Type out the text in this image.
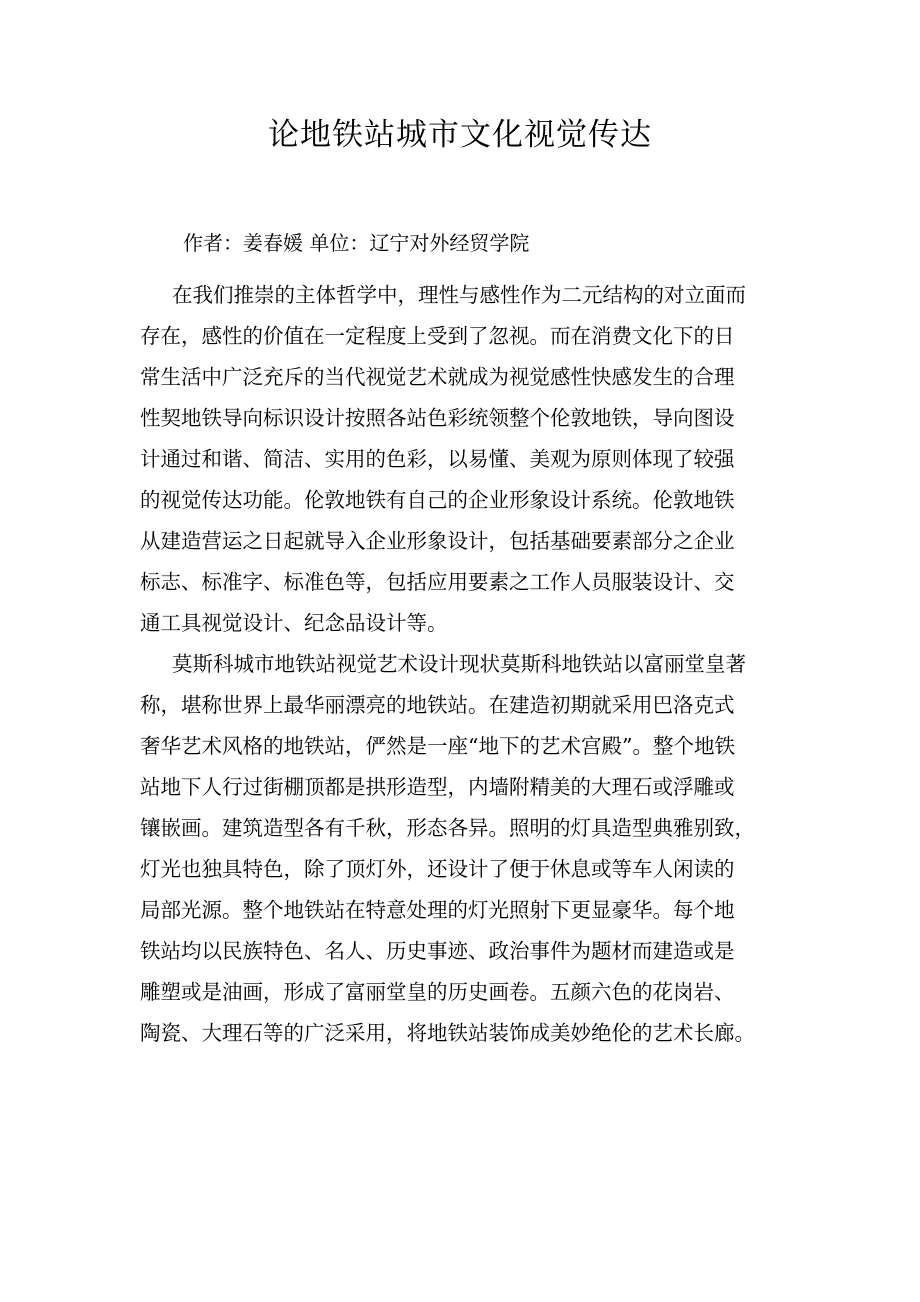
论地铁站城市文化视觉传达
作者：姜春媛 单位：辽宁对外经贸学院
在我们推崇的主体哲学中，理性与感性作为二元结构的对立面而
存在，感性的价值在一定程度上受到了忽视。而在消费文化下的日
常生活中广泛充斥的当代视觉艺术就成为视觉感性快感发生的合理
性契地铁导向标识设计按照各站色彩统领整个伦敦地铁，导向图设
计通过和谐、简洁、实用的色彩，以易懂、美观为原则体现了较强
的视觉传达功能。伦敦地铁有自己的企业形象设计系统。伦敦地铁
从建造营运之日起就导入企业形象设计，包括基础要素部分之企业
标志、标准字、标准色等，包括应用要素之工作人员服装设计、交
通工具视觉设计、纪念品设计等。
莫斯科城市地铁站视觉艺术设计现状莫斯科地铁站以富丽堂皇著
称，堪称世界上最华丽漂亮的地铁站。在建造初期就采用巴洛克式
奢华艺术风格的地铁站，俨然是一座“地下的艺术宫殿”。整个地铁
站地下人行过街棚顶都是拱形造型，内墙附精美的大理石或浮雕或
镶嵌画。建筑造型各有千秋，形态各异。照明的灯具造型典雅别致，
灯光也独具特色，除了顶灯外，还设计了便于休息或等车人闲读的
局部光源。整个地铁站在特意处理的灯光照射下更显豪华。每个地
铁站均以民族特色、名人、历史事迹、政治事件为题材而建造或是
雕塑或是油画，形成了富丽堂皇的历史画卷。五颜六色的花岗岩、
陶瓷、大理石等的广泛采用，将地铁站装饰成美妙绝伦的艺术长廊。
